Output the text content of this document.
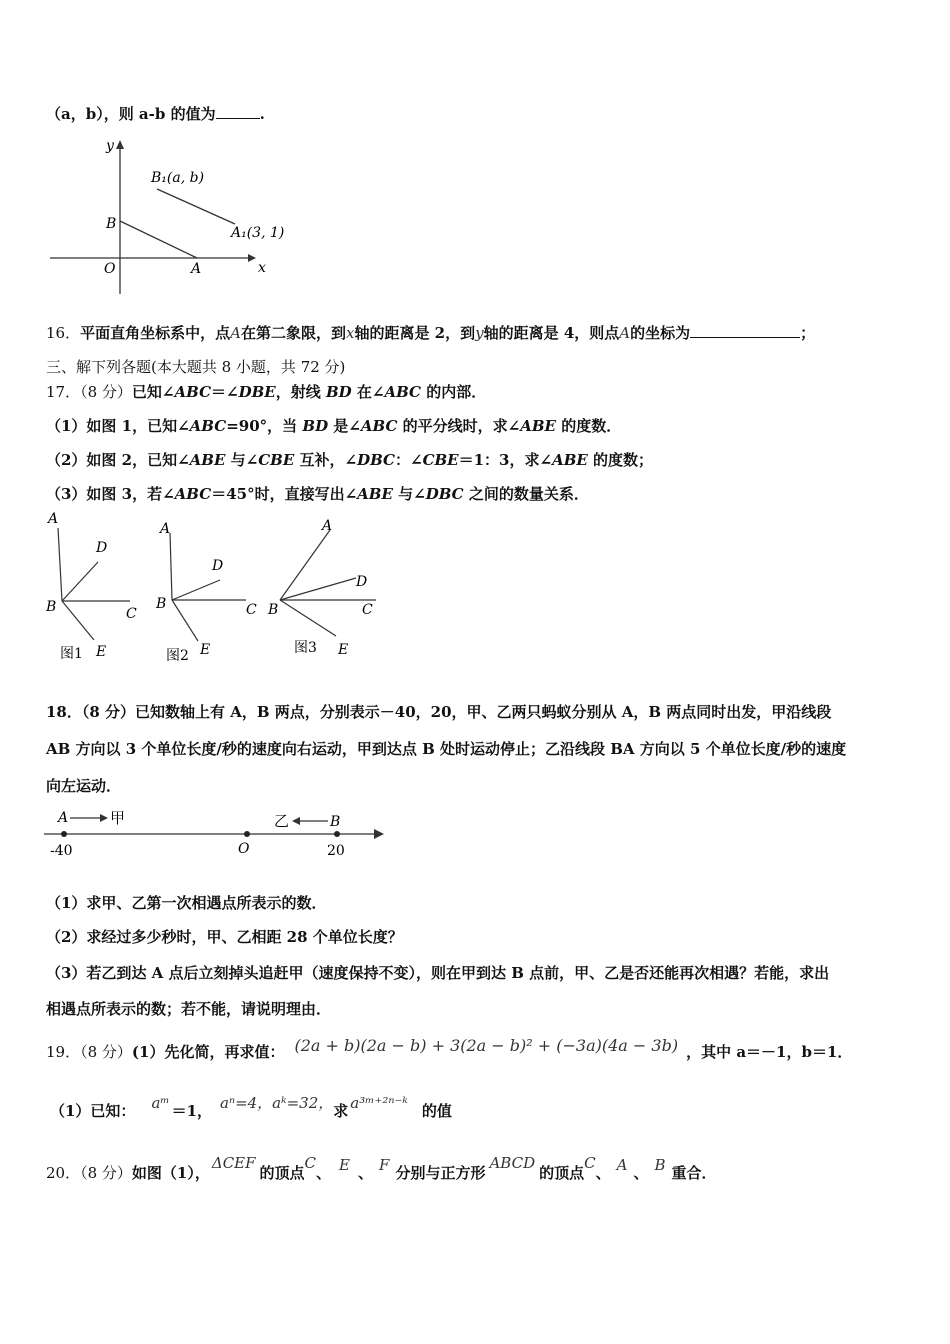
（a，b），则 a-b 的值为	.
y
x
O	A
B
B₁(a, b)
A₁(3, 1)
16．平面直角坐标系中，点A在第二象限，到x轴的距离是 2，到y轴的距离是 4，则点A的坐标为	；
三、解下列各题(本大题共 8 小题，共 72 分)
17．（8 分）已知∠ABC＝∠DBE，射线 BD 在∠ABC 的内部．
（1）如图 1，已知∠ABC=90°，当 BD 是∠ABC 的平分线时，求∠ABE 的度数．
（2）如图 2，已知∠ABE 与∠CBE 互补，∠DBC：∠CBE＝1：3，求∠ABE 的度数；
（3）如图 3，若∠ABC＝45°时，直接写出∠ABE 与∠DBC 之间的数量关系．
A
B	C
D
E
图1
A
B	C
D
E
图2
A
B	C
D
E
图3
18．（8 分）已知数轴上有 A，B 两点，分别表示－40，20，甲、乙两只蚂蚁分别从 A，B 两点同时出发，甲沿线段
AB 方向以 3 个单位长度/秒的速度向右运动，甲到达点 B 处时运动停止；乙沿线段 BA 方向以 5 个单位长度/秒的速度
向左运动．
A	甲	乙	B
O
-40	20
（1）求甲、乙第一次相遇点所表示的数．
（2）求经过多少秒时，甲、乙相距 28 个单位长度？
（3）若乙到达 A 点后立刻掉头追赶甲（速度保持不变），则在甲到达 B 点前，甲、乙是否还能再次相遇？若能，求出
相遇点所表示的数；若不能，请说明理由．
19．（8 分）(1）先化简，再求值： (2a + b)(2a − b) + 3(2a − b)² + (−3a)(4a − 3b) ，其中 a＝－1，b＝1．
（1）已知： aᵐ ＝1， aⁿ=4，aᵏ=32，求 a³ᵐ⁺²ⁿ⁻ᵏ 的值
20．（8 分）如图（1），ΔCEF的顶点C、 E 、 F 分别与正方形ABCD的顶点C、 A 、 B 重合．
